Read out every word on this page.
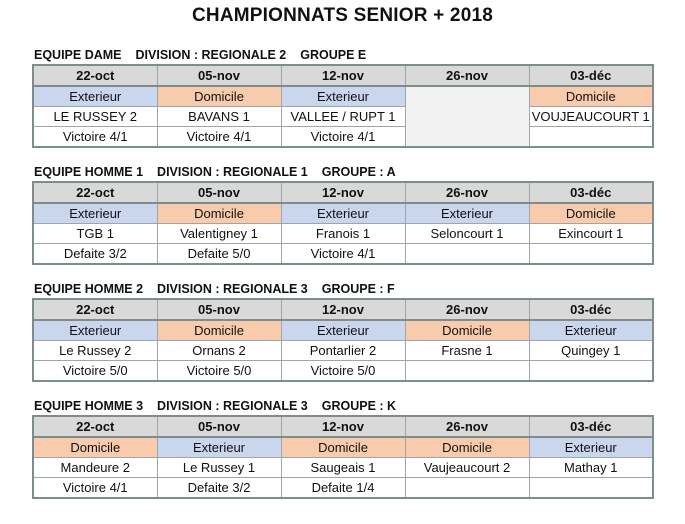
CHAMPIONNATS SENIOR + 2018
EQUIPE DAME DIVISION : REGIONALE 2 GROUPE E
22-oct	05-nov	12-nov	26-nov	03-déc
Exterieur	Domicile	Exterieur		Domicile
LE RUSSEY 2	BAVANS 1	VALLEE / RUPT 1		VOUJEAUCOURT 1
Victoire 4/1	Victoire 4/1	Victoire 4/1		
EQUIPE HOMME 1 DIVISION : REGIONALE 1 GROUPE : A
22-oct	05-nov	12-nov	26-nov	03-déc
Exterieur	Domicile	Exterieur	Exterieur	Domicile
TGB 1	Valentigney 1	Franois 1	Seloncourt 1	Exincourt 1
Defaite 3/2	Defaite 5/0	Victoire 4/1		
EQUIPE HOMME 2 DIVISION : REGIONALE 3 GROUPE : F
22-oct	05-nov	12-nov	26-nov	03-déc
Exterieur	Domicile	Exterieur	Domicile	Exterieur
Le Russey 2	Ornans 2	Pontarlier 2	Frasne 1	Quingey 1
Victoire 5/0	Victoire 5/0	Victoire 5/0		
EQUIPE HOMME 3 DIVISION : REGIONALE 3 GROUPE : K
22-oct	05-nov	12-nov	26-nov	03-déc
Domicile	Exterieur	Domicile	Domicile	Exterieur
Mandeure 2	Le Russey 1	Saugeais 1	Vaujeaucourt 2	Mathay 1
Victoire 4/1	Defaite 3/2	Defaite 1/4		
